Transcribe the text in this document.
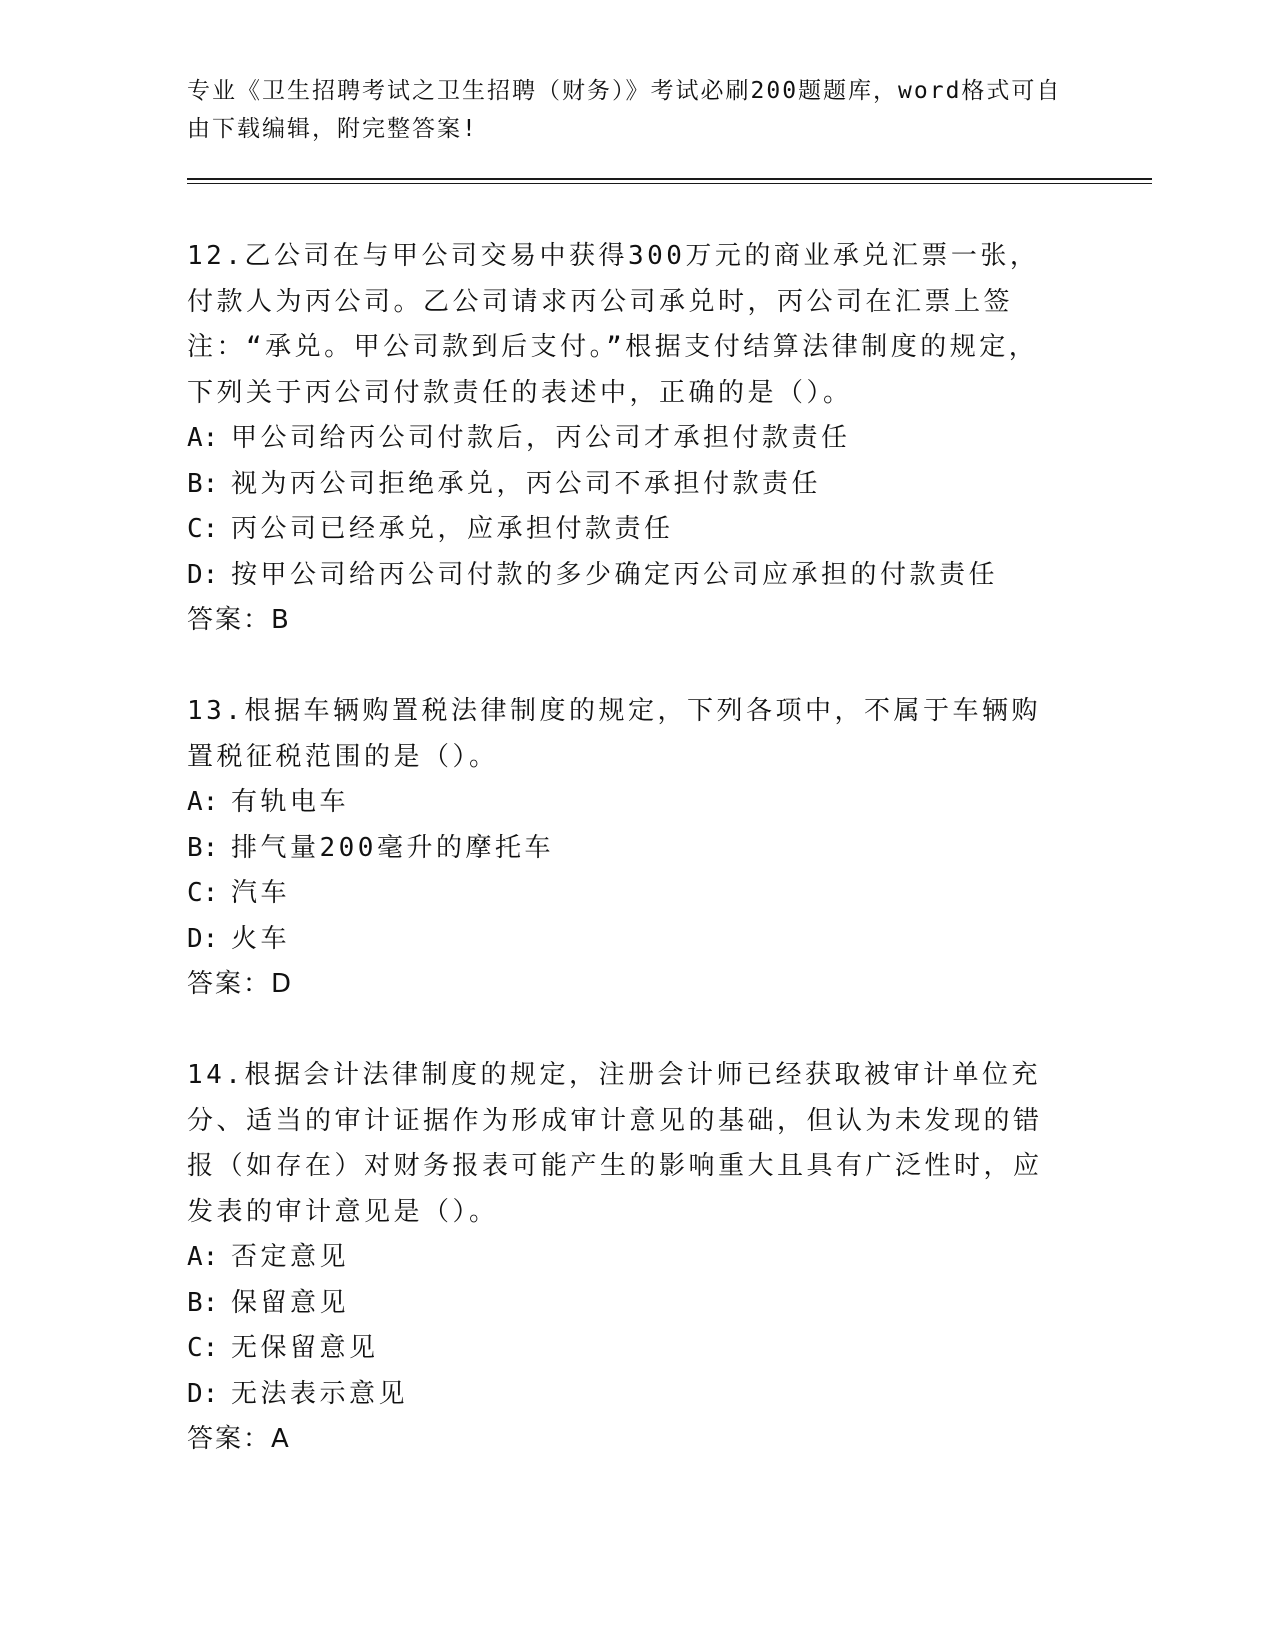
专业《卫生招聘考试之卫生招聘（财务）》考试必刷200题题库，word格式可自由下载编辑，附完整答案!

12.乙公司在与甲公司交易中获得300万元的商业承兑汇票一张，付款人为丙公司。乙公司请求丙公司承兑时，丙公司在汇票上签注：“承兑。甲公司款到后支付。”根据支付结算法律制度的规定，下列关于丙公司付款责任的表述中，正确的是（）。

A: 甲公司给丙公司付款后，丙公司才承担付款责任

B: 视为丙公司拒绝承兑，丙公司不承担付款责任

C: 丙公司已经承兑，应承担付款责任

D: 按甲公司给丙公司付款的多少确定丙公司应承担的付款责任

答案：B

13.根据车辆购置税法律制度的规定，下列各项中，不属于车辆购置税征税范围的是（）。

A: 有轨电车

B: 排气量200毫升的摩托车

C: 汽车

D: 火车

答案：D

14.根据会计法律制度的规定，注册会计师已经获取被审计单位充分、适当的审计证据作为形成审计意见的基础，但认为未发现的错报（如存在）对财务报表可能产生的影响重大且具有广泛性时，应发表的审计意见是（）。

A: 否定意见

B: 保留意见

C: 无保留意见

D: 无法表示意见

答案：A
